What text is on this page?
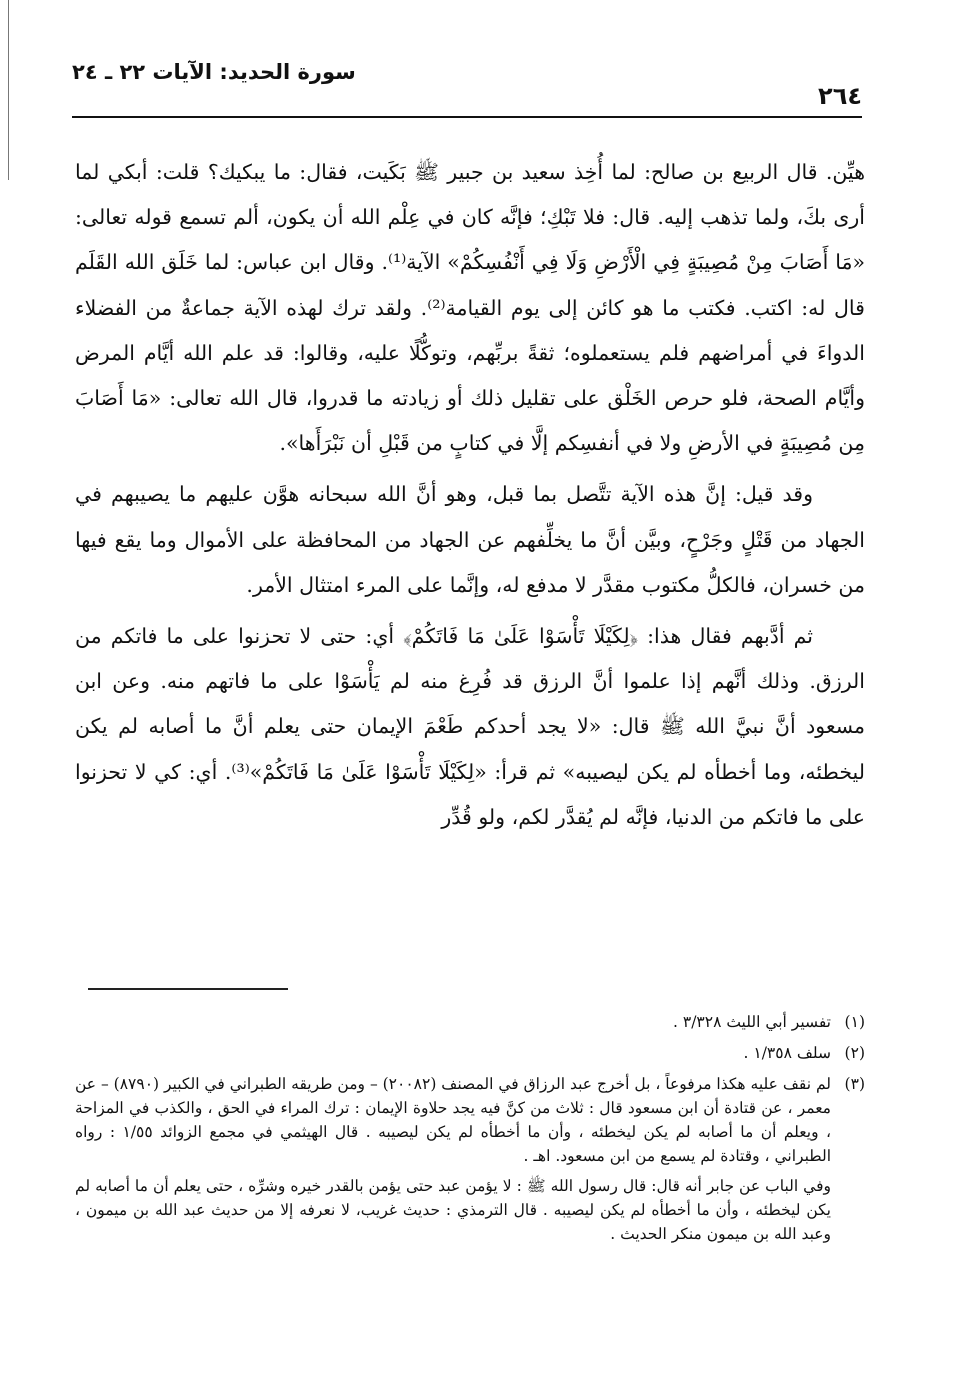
سورة الحديد: الآيات ٢٢ ـ ٢٤
٢٦٤

هيِّن. قال الربيع بن صالح: لما أُخِذ سعيد بن جبير ﷺ بَكَيت، فقال: ما يبكيك؟ قلت: أبكي لما أرى بكَ، ولما تذهب إليه. قال: فلا تَبْكِ؛ فإنَّه كان في عِلْم الله أن يكون، ألم تسمع قوله تعالى: «مَا أَصَابَ مِنْ مُصِيبَةٍ فِي الْأَرْضِ وَلَا فِي أَنْفُسِكُمْ» الآية⁽¹⁾. وقال ابن عباس: لما خَلَق الله القَلَم قال له: اكتب. فكتب ما هو كائن إلى يوم القيامة⁽²⁾. ولقد ترك لهذه الآية جماعةٌ من الفضلاء الدواءَ في أمراضهم فلم يستعملوه؛ ثقةً بربِّهم، وتوكُّلًا عليه، وقالوا: قد علم الله أيَّام المرض وأيَّام الصحة، فلو حرص الخَلْق على تقليل ذلك أو زيادته ما قدروا، قال الله تعالى: «مَا أَصَابَ مِن مُصِيبَةٍ في الأرضِ ولا في أنفسِكم إلَّا في كتابٍ من قَبْلِ أن نَبْرَأَها».

وقد قيل: إنَّ هذه الآية تتَّصل بما قبل، وهو أنَّ الله سبحانه هوَّن عليهم ما يصيبهم في الجهاد من قَتْلٍ وجَرْحٍ، وبيَّن أنَّ ما يخلِّفهم عن الجهاد من المحافظة على الأموال وما يقع فيها من خسران، فالكلُّ مكتوب مقدَّر لا مدفع له، وإنَّما على المرء امتثال الأمر.

ثم أدَّبهم فقال هذا: ﴿لِكَيْلَا تَأْسَوْا عَلَىٰ مَا فَاتَكُمْ﴾ أي: حتى لا تحزنوا على ما فاتكم من الرزق. وذلك أنَّهم إذا علموا أنَّ الرزق قد فُرِغ منه لم يَأْسَوْا على ما فاتهم منه. وعن ابن مسعود أنَّ نبيَّ الله ﷺ قال: «لا يجد أحدكم طَعْمَ الإيمان حتى يعلم أنَّ ما أصابه لم يكن ليخطئه، وما أخطأه لم يكن ليصيبه» ثم قرأ: «لِكَيْلَا تَأْسَوْا عَلَىٰ مَا فَاتَكُمْ»⁽³⁾. أي: كي لا تحزنوا على ما فاتكم من الدنيا، فإنَّه لم يُقدَّر لكم، ولو قُدِّر

(١)
تفسير أبي الليث ٣/٣٢٨ .
(٢)
سلف ١/٣٥٨ .
(٣)
لم نقف عليه هكذا مرفوعاً ، بل أخرج عبد الرزاق في المصنف (٢٠٠٨٢) – ومن طريقه الطبراني في الكبير (٨٧٩٠) – عن معمر ، عن قتادة أن ابن مسعود قال : ثلاث من كنَّ فيه يجد حلاوة الإيمان : ترك المراء في الحق ، والكذب في المزاحة ، ويعلم أن ما أصابه لم يكن ليخطئه ، وأن ما أخطأه لم يكن ليصيبه . قال الهيثمي في مجمع الزوائد ١/٥٥ : رواه الطبراني ، وقتادة لم يسمع من ابن مسعود. اهـ .
وفي الباب عن جابر أنه قال: قال رسول الله ﷺ : لا يؤمن عبد حتى يؤمن بالقدر خيره وشرِّه ، حتى يعلم أن ما أصابه لم يكن ليخطئه ، وأن ما أخطأه لم يكن ليصيبه . قال الترمذي : حديث غريب، لا نعرفه إلا من حديث عبد الله بن ميمون ، وعبد الله بن ميمون منكر الحديث .
